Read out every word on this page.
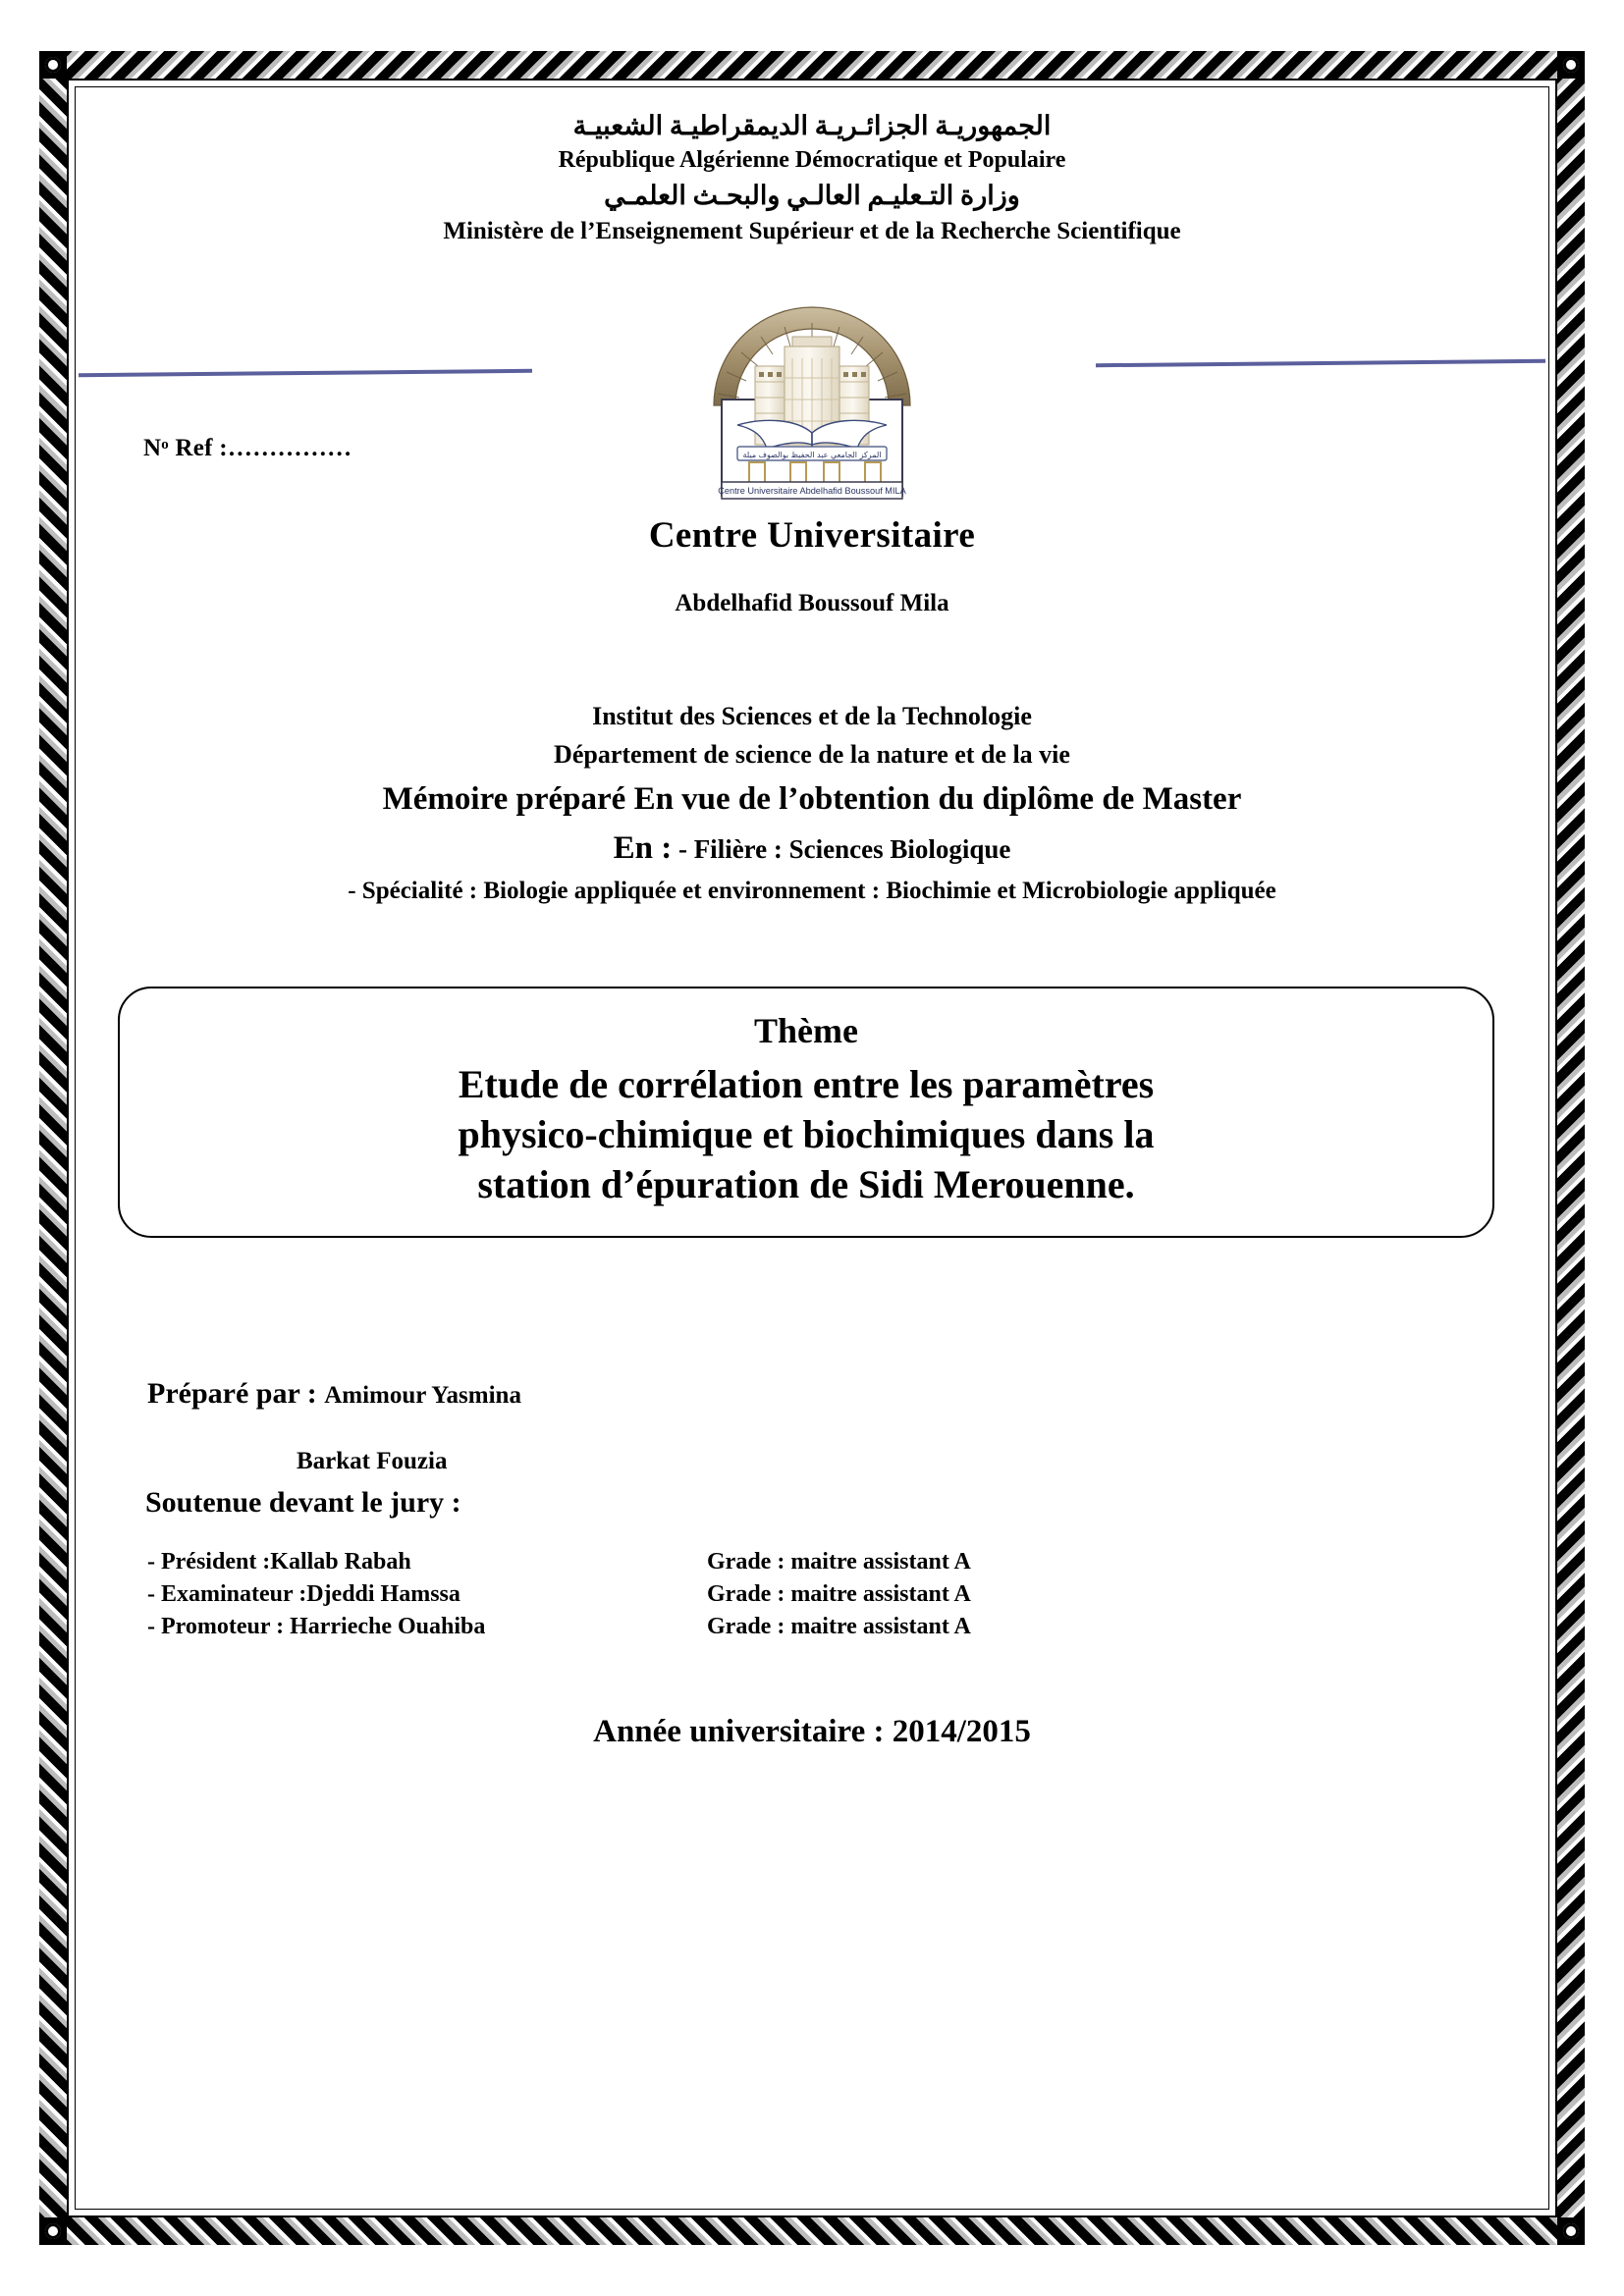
الجمهوريـة الجزائـريـة الديمقراطيـة الشعبيـة
République Algérienne Démocratique et Populaire
وزارة التـعليـم العالـي والبحـث العلمـي
Ministère de l’Enseignement Supérieur et de la Recherche Scientifique
المركز الجامعي عبد الحفيظ بوالصوف ميلة
Centre Universitaire Abdelhafid Boussouf MILA
Nᵒ Ref :……………
Centre Universitaire
Abdelhafid Boussouf Mila
Institut des Sciences et de la Technologie
Département de science de la nature et de la vie
Mémoire préparé En vue de l’obtention du diplôme de Master
En : - Filière : Sciences Biologique
- Spécialité : Biologie appliquée et environnement : Biochimie et Microbiologie appliquée
Thème
Etude de corrélation entre les paramètres
physico-chimique et biochimiques dans la
station d’épuration de Sidi Merouenne.
Préparé par : Amimour Yasmina
Barkat Fouzia
Soutenue devant le jury :
- Président :Kallab Rabah	Grade : maitre assistant A
- Examinateur :Djeddi Hamssa	Grade : maitre assistant A
- Promoteur : Harrieche Ouahiba	Grade : maitre assistant A
Année universitaire : 2014/2015
